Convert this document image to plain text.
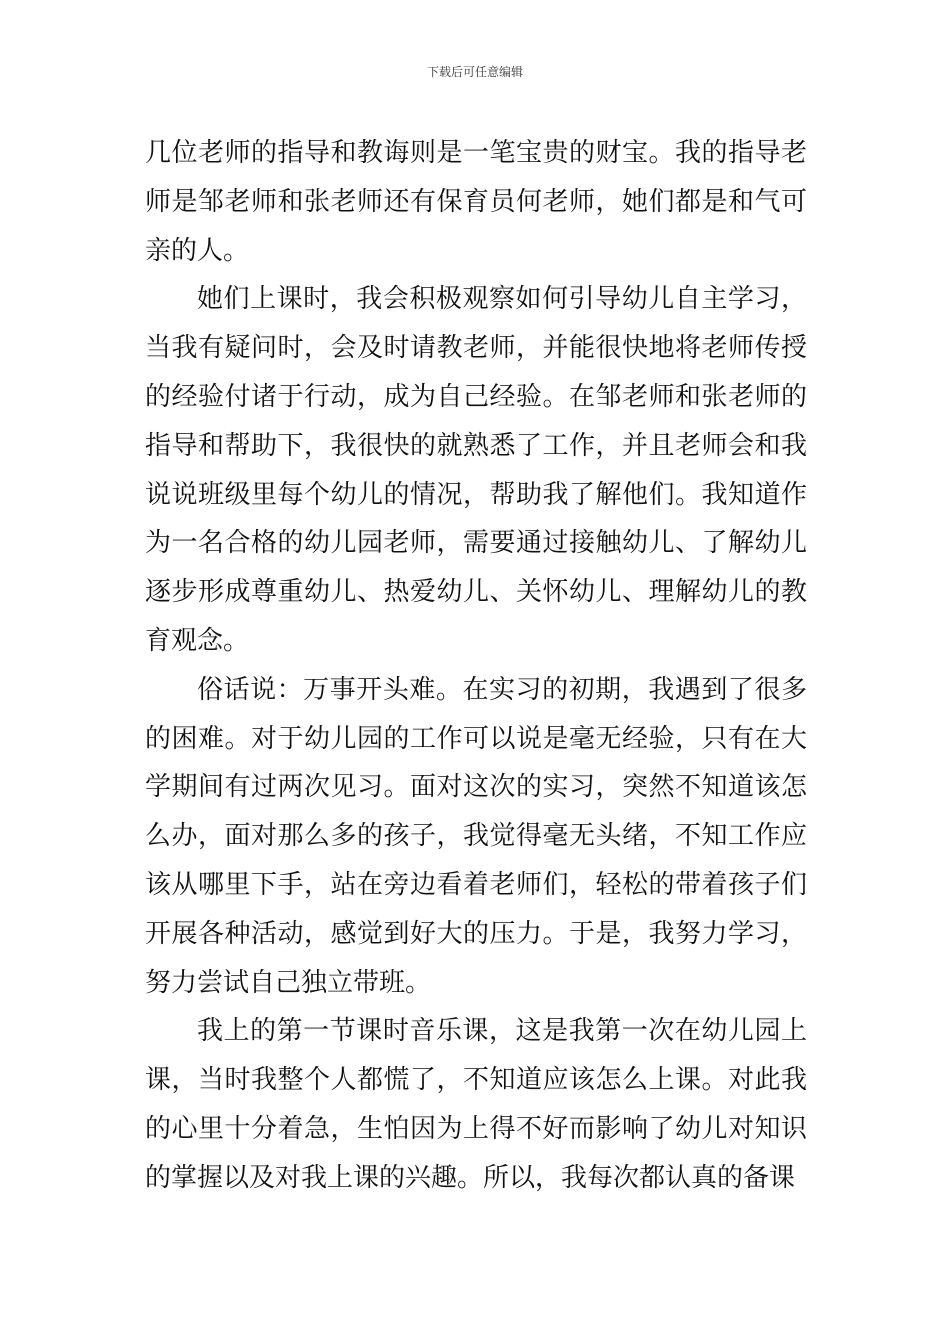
下载后可任意编辑

几位老师的指导和教诲则是一笔宝贵的财宝。我的指导老师是邹老师和张老师还有保育员何老师，她们都是和气可亲的人。

她们上课时，我会积极观察如何引导幼儿自主学习，当我有疑问时，会及时请教老师，并能很快地将老师传授的经验付诸于行动，成为自己经验。在邹老师和张老师的指导和帮助下，我很快的就熟悉了工作，并且老师会和我说说班级里每个幼儿的情况，帮助我了解他们。我知道作为一名合格的幼儿园老师，需要通过接触幼儿、了解幼儿逐步形成尊重幼儿、热爱幼儿、关怀幼儿、理解幼儿的教育观念。

俗话说：万事开头难。在实习的初期，我遇到了很多的困难。对于幼儿园的工作可以说是毫无经验，只有在大学期间有过两次见习。面对这次的实习，突然不知道该怎么办，面对那么多的孩子，我觉得毫无头绪，不知工作应该从哪里下手，站在旁边看着老师们，轻松的带着孩子们开展各种活动，感觉到好大的压力。于是，我努力学习，努力尝试自己独立带班。

我上的第一节课时音乐课，这是我第一次在幼儿园上课，当时我整个人都慌了，不知道应该怎么上课。对此我的心里十分着急，生怕因为上得不好而影响了幼儿对知识的掌握以及对我上课的兴趣。所以，我每次都认真的备课
